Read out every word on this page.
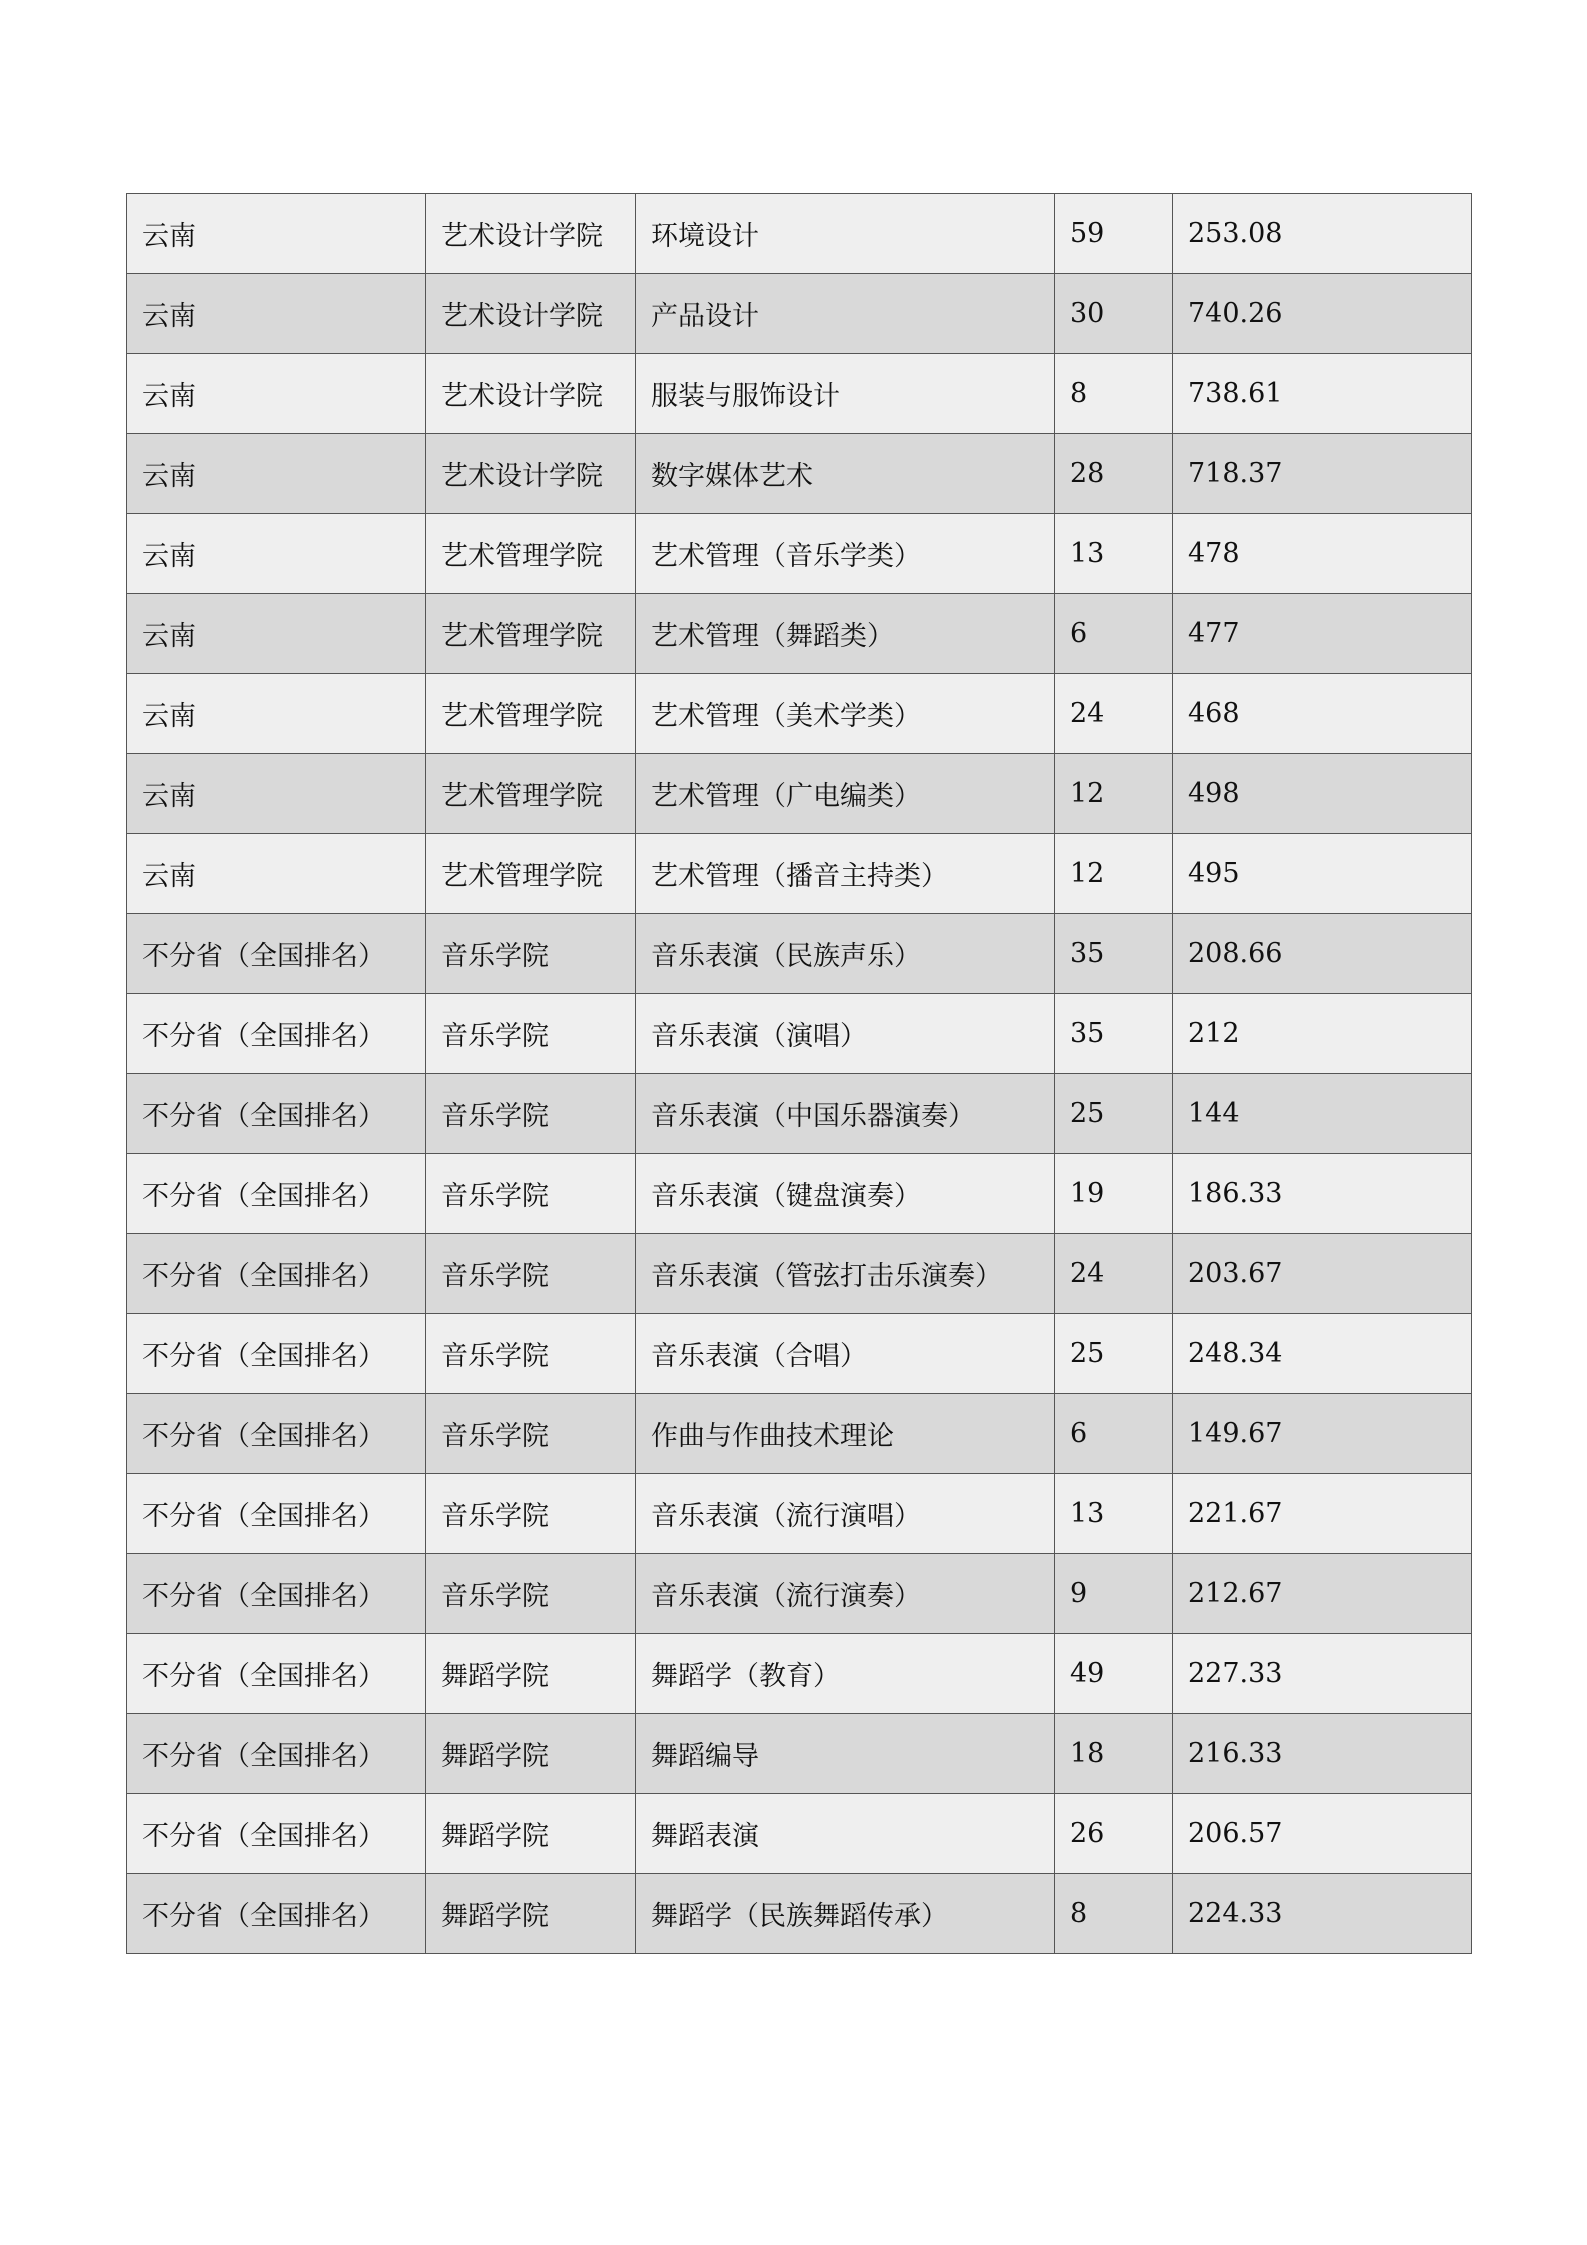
云南	艺术设计学院	环境设计	59	253.08
云南	艺术设计学院	产品设计	30	740.26
云南	艺术设计学院	服装与服饰设计	8	738.61
云南	艺术设计学院	数字媒体艺术	28	718.37
云南	艺术管理学院	艺术管理（音乐学类）	13	478
云南	艺术管理学院	艺术管理（舞蹈类）	6	477
云南	艺术管理学院	艺术管理（美术学类）	24	468
云南	艺术管理学院	艺术管理（广电编类）	12	498
云南	艺术管理学院	艺术管理（播音主持类）	12	495
不分省（全国排名）	音乐学院	音乐表演（民族声乐）	35	208.66
不分省（全国排名）	音乐学院	音乐表演（演唱）	35	212
不分省（全国排名）	音乐学院	音乐表演（中国乐器演奏）	25	144
不分省（全国排名）	音乐学院	音乐表演（键盘演奏）	19	186.33
不分省（全国排名）	音乐学院	音乐表演（管弦打击乐演奏）	24	203.67
不分省（全国排名）	音乐学院	音乐表演（合唱）	25	248.34
不分省（全国排名）	音乐学院	作曲与作曲技术理论	6	149.67
不分省（全国排名）	音乐学院	音乐表演（流行演唱）	13	221.67
不分省（全国排名）	音乐学院	音乐表演（流行演奏）	9	212.67
不分省（全国排名）	舞蹈学院	舞蹈学（教育）	49	227.33
不分省（全国排名）	舞蹈学院	舞蹈编导	18	216.33
不分省（全国排名）	舞蹈学院	舞蹈表演	26	206.57
不分省（全国排名）	舞蹈学院	舞蹈学（民族舞蹈传承）	8	224.33
